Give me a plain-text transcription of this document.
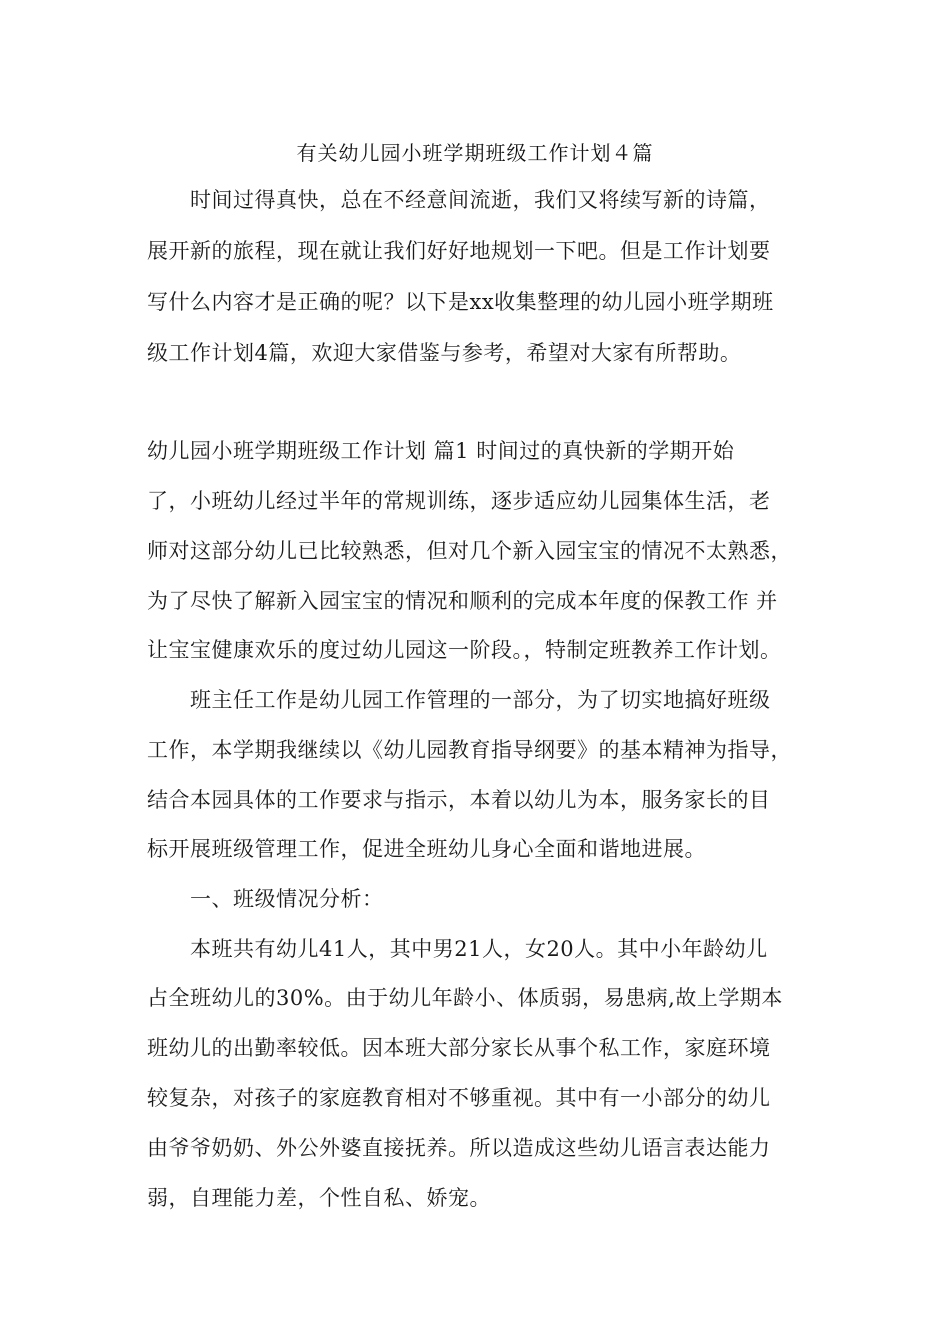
有关幼儿园小班学期班级工作计划４篇
时间过得真快，总在不经意间流逝，我们又将续写新的诗篇，
展开新的旅程，现在就让我们好好地规划一下吧。但是工作计划要
写什么内容才是正确的呢？以下是xx收集整理的幼儿园小班学期班
级工作计划4篇，欢迎大家借鉴与参考，希望对大家有所帮助。
幼儿园小班学期班级工作计划 篇1 时间过的真快新的学期开始
了，小班幼儿经过半年的常规训练，逐步适应幼儿园集体生活，老
师对这部分幼儿已比较熟悉，但对几个新入园宝宝的情况不太熟悉，
为了尽快了解新入园宝宝的情况和顺利的完成本年度的保教工作 并
让宝宝健康欢乐的度过幼儿园这一阶段。，特制定班教养工作计划。
班主任工作是幼儿园工作管理的一部分，为了切实地搞好班级
工作，本学期我继续以《幼儿园教育指导纲要》的基本精神为指导，
结合本园具体的工作要求与指示，本着以幼儿为本，服务家长的目
标开展班级管理工作，促进全班幼儿身心全面和谐地进展。
一、班级情况分析：
本班共有幼儿41人，其中男21人，女20人。其中小年龄幼儿
占全班幼儿的30%。由于幼儿年龄小、体质弱，易患病,故上学期本
班幼儿的出勤率较低。因本班大部分家长从事个私工作，家庭环境
较复杂，对孩子的家庭教育相对不够重视。其中有一小部分的幼儿
由爷爷奶奶、外公外婆直接抚养。所以造成这些幼儿语言表达能力
弱，自理能力差，个性自私、娇宠。
